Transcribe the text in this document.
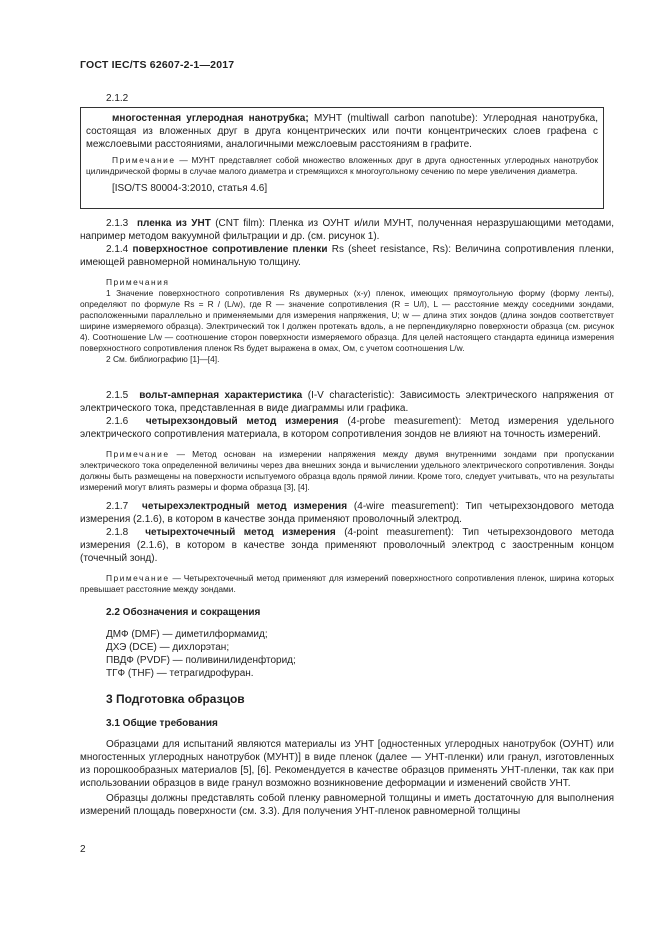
ГОСТ IEC/TS 62607-2-1—2017
2.1.2

многостенная углеродная нанотрубка; МУНТ (multiwall carbon nanotube): Углеродная нанотрубка, состоящая из вложенных друг в друга концентрических или почти концентрических слоев графена с межслоевыми расстояниями, аналогичными межслоевым расстояниям в графите.

Примечание — МУНТ представляет собой множество вложенных друг в друга одностенных углеродных нанотрубок цилиндрической формы в случае малого диаметра и стремящихся к многоугольному сечению по мере увеличения диаметра.

[ISO/TS 80004-3:2010, статья 4.6]

2.1.3 пленка из УНТ (CNT film): Пленка из ОУНТ и/или МУНТ, полученная неразрушающими методами, например методом вакуумной фильтрации и др. (см. рисунок 1).

2.1.4 поверхностное сопротивление пленки Rs (sheet resistance, Rs): Величина сопротивления пленки, имеющей равномерной номинальную толщину.

Примечания

1 Значение поверхностного сопротивления Rs двумерных (x-y) пленок, имеющих прямоугольную форму (форму ленты), определяют по формуле Rs = R / (L/w), где R — значение сопротивления (R = U/I), L — расстояние между соседними зондами, расположенными параллельно и применяемыми для измерения напряжения, U; w — длина этих зондов (длина зондов соответствует ширине измеряемого образца). Электрический ток I должен протекать вдоль, а не перпендикулярно поверхности образца (см. рисунок 4). Соотношение L/w — соотношение сторон поверхности измеряемого образца. Для целей настоящего стандарта единица измерения поверхностного сопротивления пленок Rs будет выражена в омах, Ом, с учетом соотношения L/w.

2 См. библиографию [1]—[4].

2.1.5 вольт-амперная характеристика (I-V characteristic): Зависимость электрического напряжения от электрического тока, представленная в виде диаграммы или графика.

2.1.6 четырехзондовый метод измерения (4-probe measurement): Метод измерения удельного электрического сопротивления материала, в котором сопротивления зондов не влияют на точность измерений.

Примечание — Метод основан на измерении напряжения между двумя внутренними зондами при пропускании электрического тока определенной величины через два внешних зонда и вычислении удельного электрического сопротивления. Зонды должны быть размещены на поверхности испытуемого образца вдоль прямой линии. Кроме того, следует учитывать, что на результаты измерений могут влиять размеры и форма образца [3], [4].

2.1.7 четырехэлектродный метод измерения (4-wire measurement): Тип четырехзондового метода измерения (2.1.6), в котором в качестве зонда применяют проволочный электрод.

2.1.8 четырехточечный метод измерения (4-point measurement): Тип четырехзондового метода измерения (2.1.6), в котором в качестве зонда применяют проволочный электрод с заостренным концом (точечный зонд).

Примечание — Четырехточечный метод применяют для измерений поверхностного сопротивления пленок, ширина которых превышает расстояние между зондами.

2.2 Обозначения и сокращения

ДМФ (DMF) — диметилформамид;

ДХЭ (DCE) — дихлорэтан;

ПВДФ (PVDF) — поливинилиденфторид;

ТГФ (THF) — тетрагидрофуран.

3 Подготовка образцов

3.1 Общие требования

Образцами для испытаний являются материалы из УНТ [одностенных углеродных нанотрубок (ОУНТ) или многостенных углеродных нанотрубок (МУНТ)] в виде пленок (далее — УНТ-пленки) или гранул, изготовленных из порошкообразных материалов [5], [6]. Рекомендуется в качестве образцов применять УНТ-пленки, так как при использовании образцов в виде гранул возможно возникновение деформации и изменений свойств УНТ.

Образцы должны представлять собой пленку равномерной толщины и иметь достаточную для выполнения измерений площадь поверхности (см. 3.3). Для получения УНТ-пленок равномерной толщины

2
